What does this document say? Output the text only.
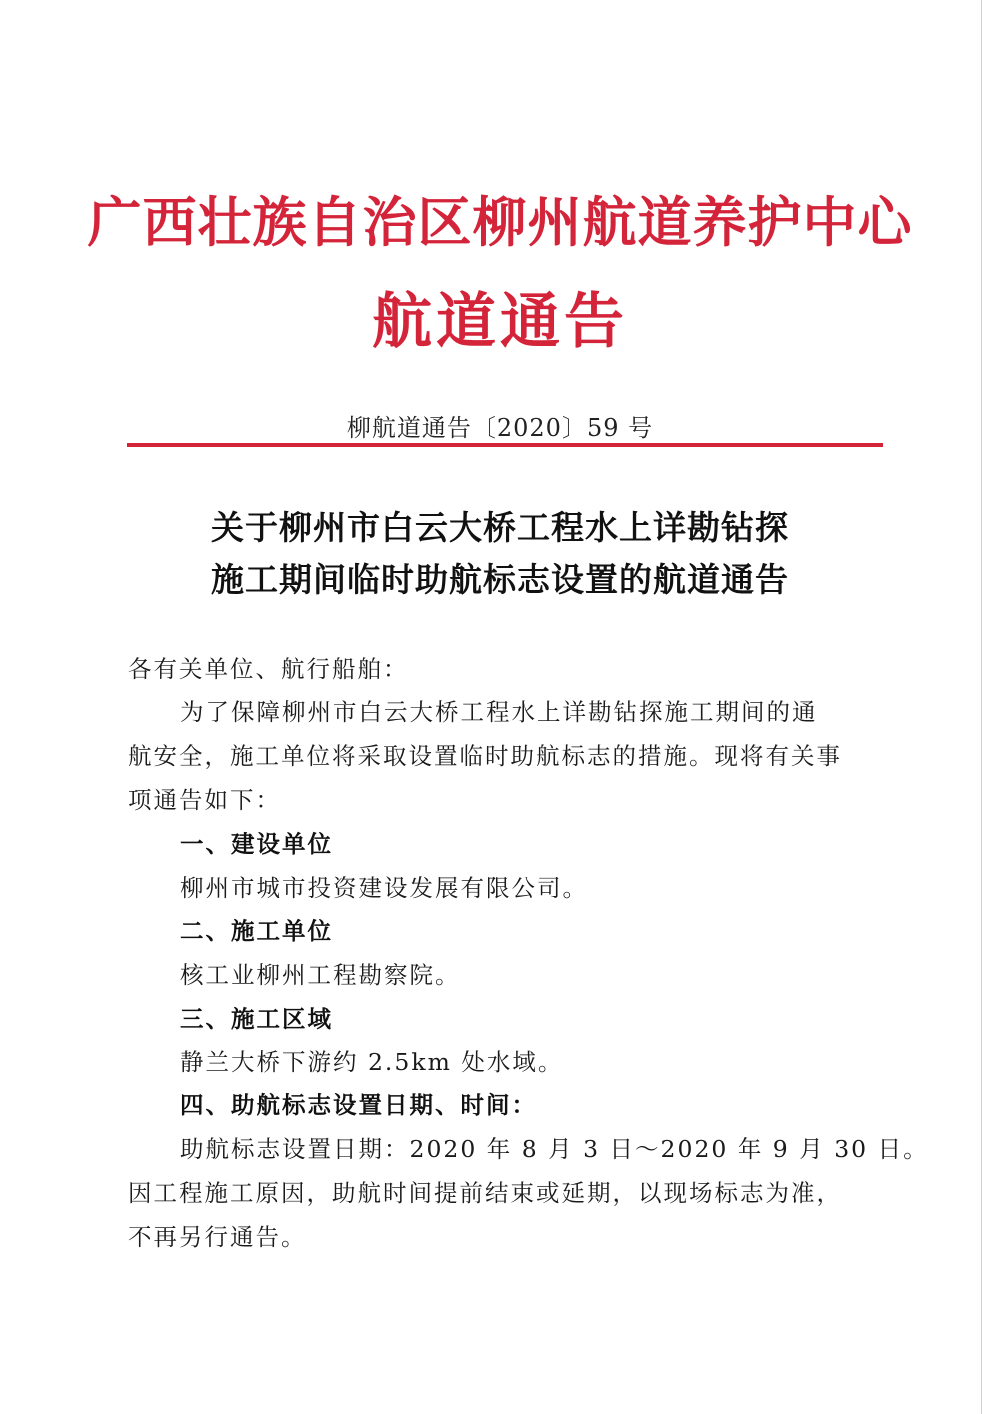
广西壮族自治区柳州航道养护中心
航道通告
柳航道通告〔2020〕59 号
关于柳州市白云大桥工程水上详勘钻探
施工期间临时助航标志设置的航道通告
各有关单位、航行船舶：
为了保障柳州市白云大桥工程水上详勘钻探施工期间的通
航安全，施工单位将采取设置临时助航标志的措施。现将有关事
项通告如下：
一、建设单位
柳州市城市投资建设发展有限公司。
二、施工单位
核工业柳州工程勘察院。
三、施工区域
静兰大桥下游约 2.5km 处水域。
四、助航标志设置日期、时间：
助航标志设置日期：2020 年 8 月 3 日～2020 年 9 月 30 日。
因工程施工原因，助航时间提前结束或延期，以现场标志为准，
不再另行通告。
